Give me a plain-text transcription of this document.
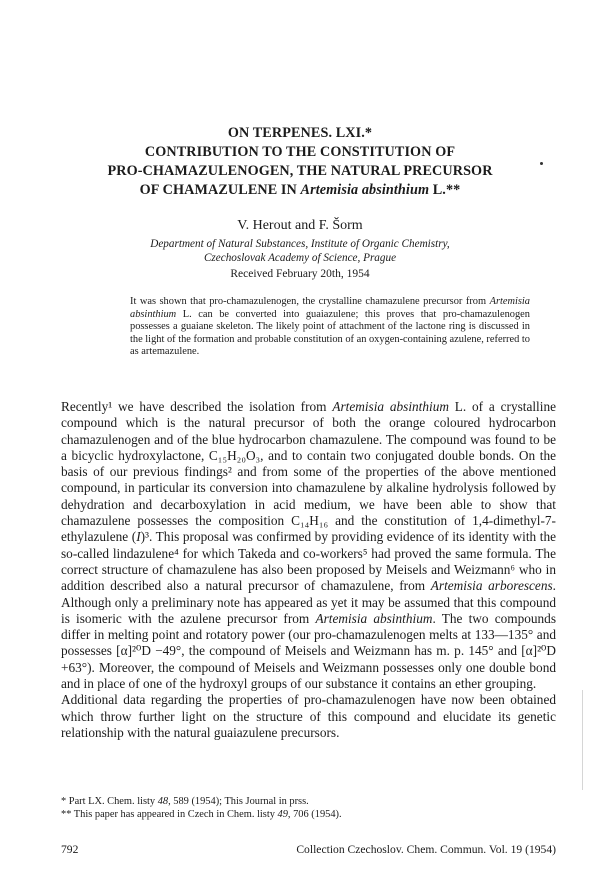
ON TERPENES. LXI.*
CONTRIBUTION TO THE CONSTITUTION OF
PRO-CHAMAZULENOGEN, THE NATURAL PRECURSOR
OF CHAMAZULENE IN Artemisia absinthium L.**
V. Herout and F. Šorm
Department of Natural Substances, Institute of Organic Chemistry,
Czechoslovak Academy of Science, Prague
Received February 20th, 1954
It was shown that pro-chamazulenogen, the crystalline chamazulene precursor from Artemisia absinthium L. can be converted into guaiazulene; this proves that pro-chamazulenogen possesses a guaiane skeleton. The likely point of attachment of the lactone ring is discussed in the light of the formation and probable constitution of an oxygen-containing azulene, referred to as artemazulene.

Recently¹ we have described the isolation from Artemisia absinthium L. of a crystalline compound which is the natural precursor of both the orange coloured hydrocarbon chamazulenogen and of the blue hydrocarbon chamazulene. The compound was found to be a bicyclic hydroxylactone, C₁₅H₂₀O₃, and to contain two conjugated double bonds. On the basis of our previous findings² and from some of the properties of the above mentioned compound, in particular its conversion into chamazulene by alkaline hydrolysis followed by dehydration and decarboxylation in acid medium, we have been able to show that chamazulene possesses the composition C₁₄H₁₆ and the constitution of 1,4-dimethyl-7-ethylazulene (I)³. This proposal was confirmed by providing evidence of its identity with the so-called lindazulene⁴ for which Takeda and co-workers⁵ had proved the same formula. The correct structure of chamazulene has also been proposed by Meisels and Weizmann⁶ who in addition described also a natural precursor of chamazulene, from Artemisia arborescens. Although only a preliminary note has appeared as yet it may be assumed that this compound is isomeric with the azulene precursor from Artemisia absinthium. The two compounds differ in melting point and rotatory power (our pro-chamazulenogen melts at 133—135° and possesses [α]²⁰D −49°, the compound of Meisels and Weizmann has m. p. 145° and [α]²⁰D +63°). Moreover, the compound of Meisels and Weizmann possesses only one double bond and in place of one of the hydroxyl groups of our substance it contains an ether grouping.

Additional data regarding the properties of pro-chamazulenogen have now been obtained which throw further light on the structure of this compound and elucidate its genetic relationship with the natural guaiazulene precursors.

* Part LX. Chem. listy 48, 589 (1954); This Journal in pr⁠ss.
** This paper has appeared in Czech in Chem. listy 49, 706 (1954).
792	Collection Czechoslov. Chem. Commun. Vol. 19 (1954)
